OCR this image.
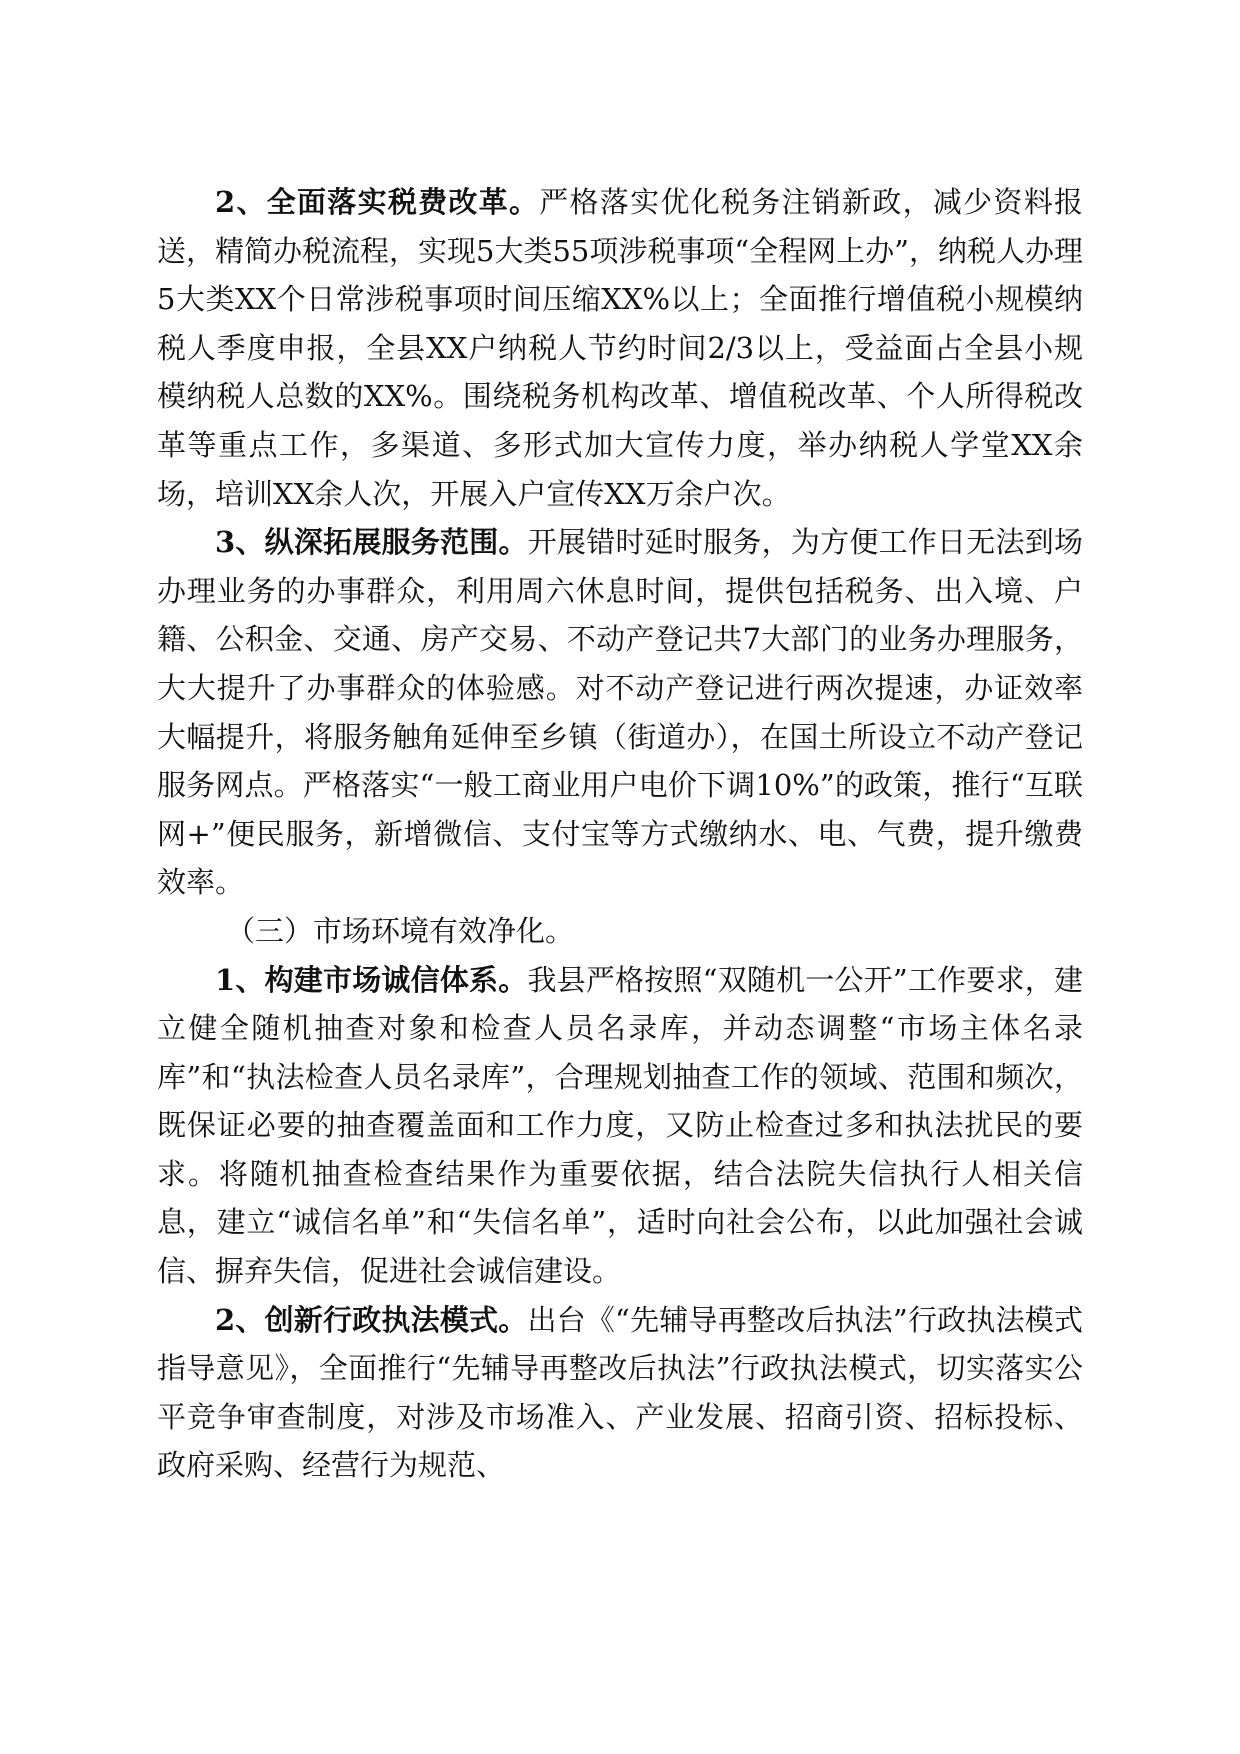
2、全面落实税费改革。严格落实优化税务注销新政，减少资料报送，精简办税流程，实现5大类55项涉税事项“全程网上办”，纳税人办理5大类XX个日常涉税事项时间压缩XX%以上；全面推行增值税小规模纳税人季度申报，全县XX户纳税人节约时间2/3以上，受益面占全县小规模纳税人总数的XX%。围绕税务机构改革、增值税改革、个人所得税改革等重点工作，多渠道、多形式加大宣传力度，举办纳税人学堂XX余场，培训XX余人次，开展入户宣传XX万余户次。

3、纵深拓展服务范围。开展错时延时服务，为方便工作日无法到场办理业务的办事群众，利用周六休息时间，提供包括税务、出入境、户籍、公积金、交通、房产交易、不动产登记共7大部门的业务办理服务，大大提升了办事群众的体验感。对不动产登记进行两次提速，办证效率大幅提升，将服务触角延伸至乡镇（街道办），在国土所设立不动产登记服务网点。严格落实“一般工商业用户电价下调10%”的政策，推行“互联网+”便民服务，新增微信、支付宝等方式缴纳水、电、气费，提升缴费效率。

（三）市场环境有效净化。

1、构建市场诚信体系。我县严格按照“双随机一公开”工作要求，建立健全随机抽查对象和检查人员名录库，并动态调整“市场主体名录库”和“执法检查人员名录库”，合理规划抽查工作的领域、范围和频次，既保证必要的抽查覆盖面和工作力度，又防止检查过多和执法扰民的要求。将随机抽查检查结果作为重要依据，结合法院失信执行人相关信息，建立“诚信名单”和“失信名单”，适时向社会公布，以此加强社会诚信、摒弃失信，促进社会诚信建设。

2、创新行政执法模式。出台《“先辅导再整改后执法”行政执法模式指导意见》，全面推行“先辅导再整改后执法”行政执法模式，切实落实公平竞争审查制度，对涉及市场准入、产业发展、招商引资、招标投标、政府采购、经营行为规范、
